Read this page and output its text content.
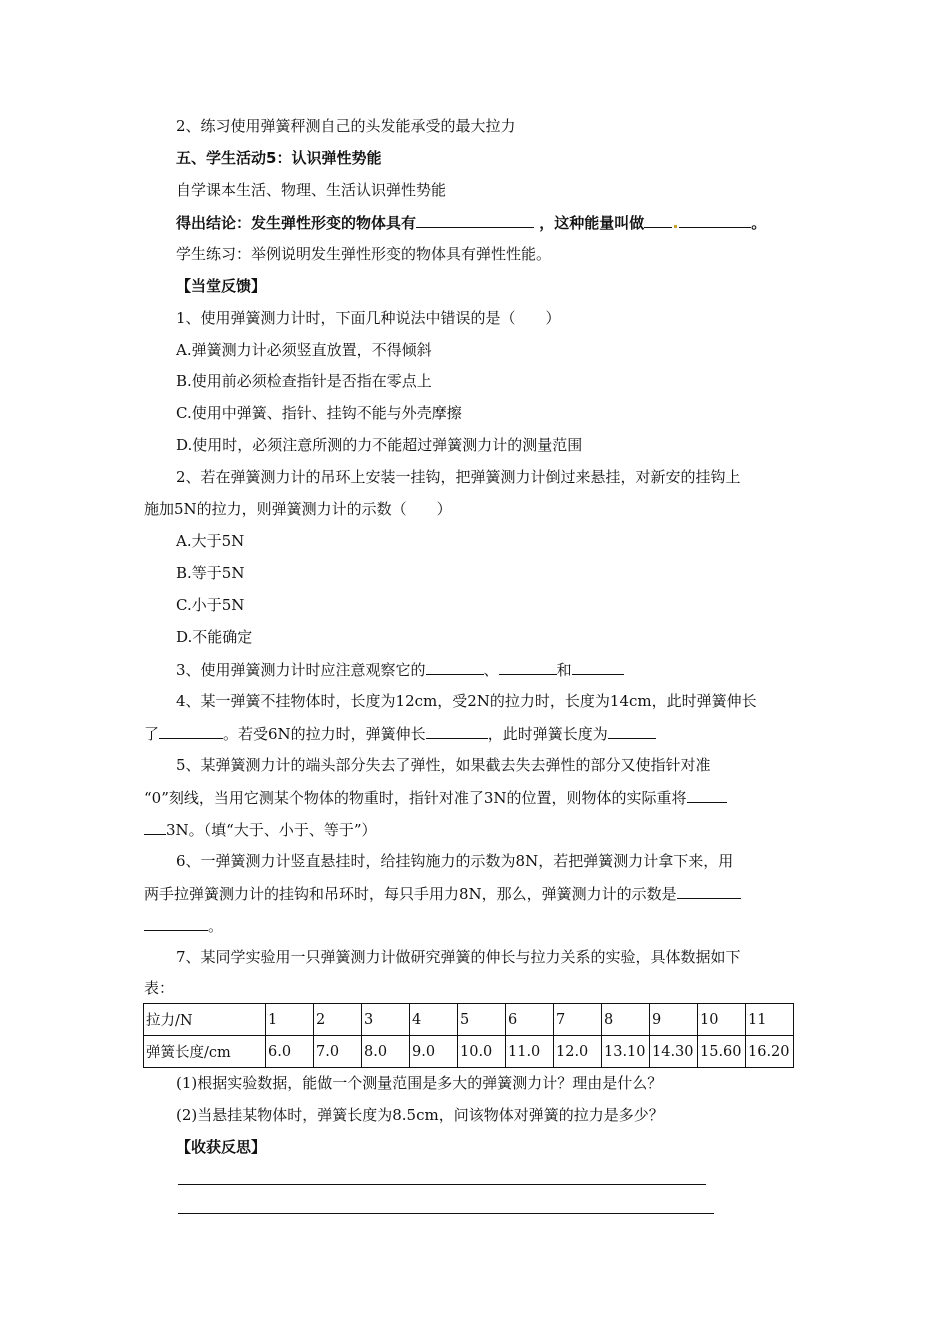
2、练习使用弹簧秤测自己的头发能承受的最大拉力
五、学生活动5：认识弹性势能
自学课本生活、物理、生活认识弹性势能
得出结论：发生弹性形变的物体具有	，这种能量叫做	。
学生练习：举例说明发生弹性形变的物体具有弹性性能。
【当堂反馈】
1、使用弹簧测力计时，下面几种说法中错误的是（　　）
A.弹簧测力计必须竖直放置，不得倾斜
B.使用前必须检查指针是否指在零点上
C.使用中弹簧、指针、挂钩不能与外壳摩擦
D.使用时，必须注意所测的力不能超过弹簧测力计的测量范围
2、若在弹簧测力计的吊环上安装一挂钩，把弹簧测力计倒过来悬挂，对新安的挂钩上
施加5N的拉力，则弹簧测力计的示数（　　）
A.大于5N
B.等于5N
C.小于5N
D.不能确定
3、使用弹簧测力计时应注意观察它的	、	和
4、某一弹簧不挂物体时，长度为12cm，受2N的拉力时，长度为14cm，此时弹簧伸长
了	。若受6N的拉力时，弹簧伸长	，此时弹簧长度为
5、某弹簧测力计的端头部分失去了弹性，如果截去失去弹性的部分又使指针对准
“0”刻线，当用它测某个物体的物重时，指针对准了3N的位置，则物体的实际重将
3N。（填“大于、小于、等于”）
6、一弹簧测力计竖直悬挂时，给挂钩施力的示数为8N，若把弹簧测力计拿下来，用
两手拉弹簧测力计的挂钩和吊环时，每只手用力8N，那么，弹簧测力计的示数是
。
7、某同学实验用一只弹簧测力计做研究弹簧的伸长与拉力关系的实验，具体数据如下
表：
拉力/N	1	2	3	4	5	6	7	8	9	10	11
弹簧长度/cm	6.0	7.0	8.0	9.0	10.0	11.0	12.0	13.10	14.30	15.60	16.20
(1)根据实验数据，能做一个测量范围是多大的弹簧测力计？理由是什么？
(2)当悬挂某物体时，弹簧长度为8.5cm，问该物体对弹簧的拉力是多少？
【收获反思】
